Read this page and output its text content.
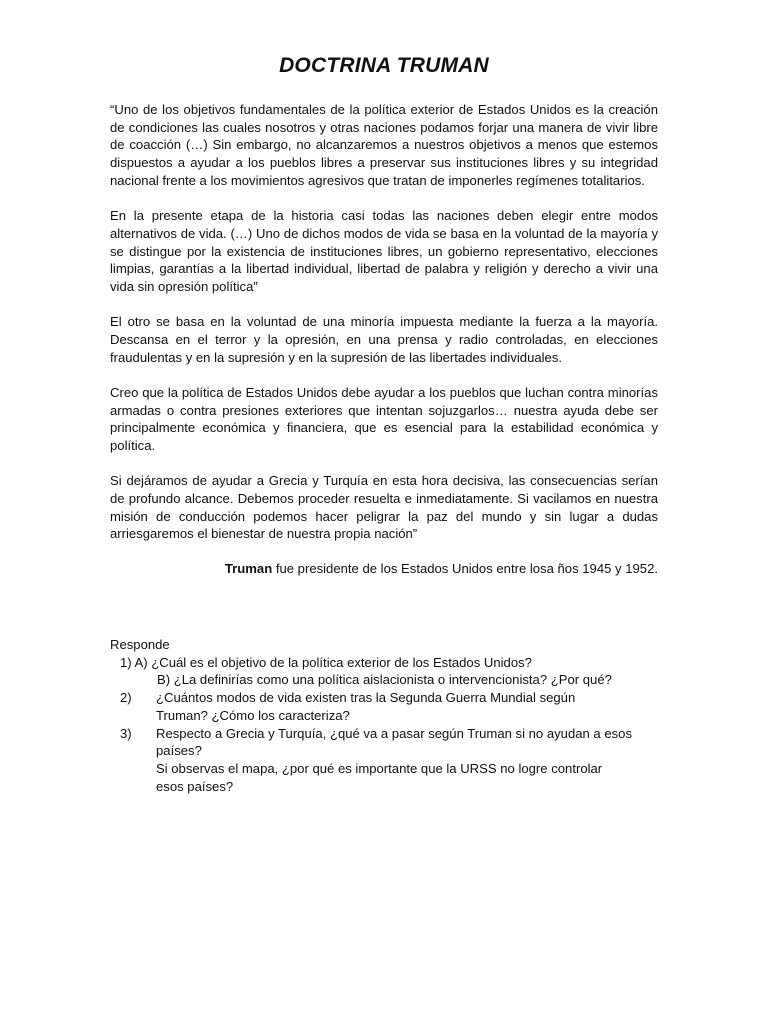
DOCTRINA TRUMAN

“Uno de los objetivos fundamentales de la política exterior de Estados Unidos es la creación de condiciones las cuales nosotros y otras naciones podamos forjar una manera de vivir libre de coacción (…) Sin embargo, no alcanzaremos a nuestros objetivos a menos que estemos dispuestos a ayudar a los pueblos libres a preservar sus instituciones libres y su integridad nacional frente a los movimientos agresivos que tratan de imponerles regímenes totalitarios.

En la presente etapa de la historia casi todas las naciones deben elegir entre modos alternativos de vida. (…) Uno de dichos modos de vida se basa en la voluntad de la mayoría y se distingue por la existencia de instituciones libres, un gobierno representativo, elecciones limpias, garantías a la libertad individual, libertad de palabra y religión y derecho a vivir una vida sin opresión política”

El otro se basa en la voluntad de una minoría impuesta mediante la fuerza a la mayoría. Descansa en el terror y la opresión, en una prensa y radio controladas, en elecciones fraudulentas y en la supresión y en la supresión de las libertades individuales.

Creo que la política de Estados Unidos debe ayudar a los pueblos que luchan contra minorías armadas o contra presiones exteriores que intentan sojuzgarlos… nuestra ayuda debe ser principalmente económica y financiera, que es esencial para la estabilidad económica y política.

Si dejáramos de ayudar a Grecia y Turquía en esta hora decisiva, las consecuencias serían de profundo alcance. Debemos proceder resuelta e inmediatamente. Si vacilamos en nuestra misión de conducción podemos hacer peligrar la paz del mundo y sin lugar a dudas arriesgaremos el bienestar de nuestra propia nación”

Truman fue presidente de los Estados Unidos entre losa ños 1945 y 1952.
Responde
1) A) ¿Cuál es el objetivo de la política exterior de los Estados Unidos?
B) ¿La definirías como una política aislacionista o intervencionista? ¿Por qué?
2)	¿Cuántos modos de vida existen tras la Segunda Guerra Mundial según
Truman? ¿Cómo los caracteriza?
3)	Respecto a Grecia y Turquía, ¿qué va a pasar según Truman si no ayudan a esos
países?
Si observas el mapa, ¿por qué es importante que la URSS no logre controlar
esos países?
